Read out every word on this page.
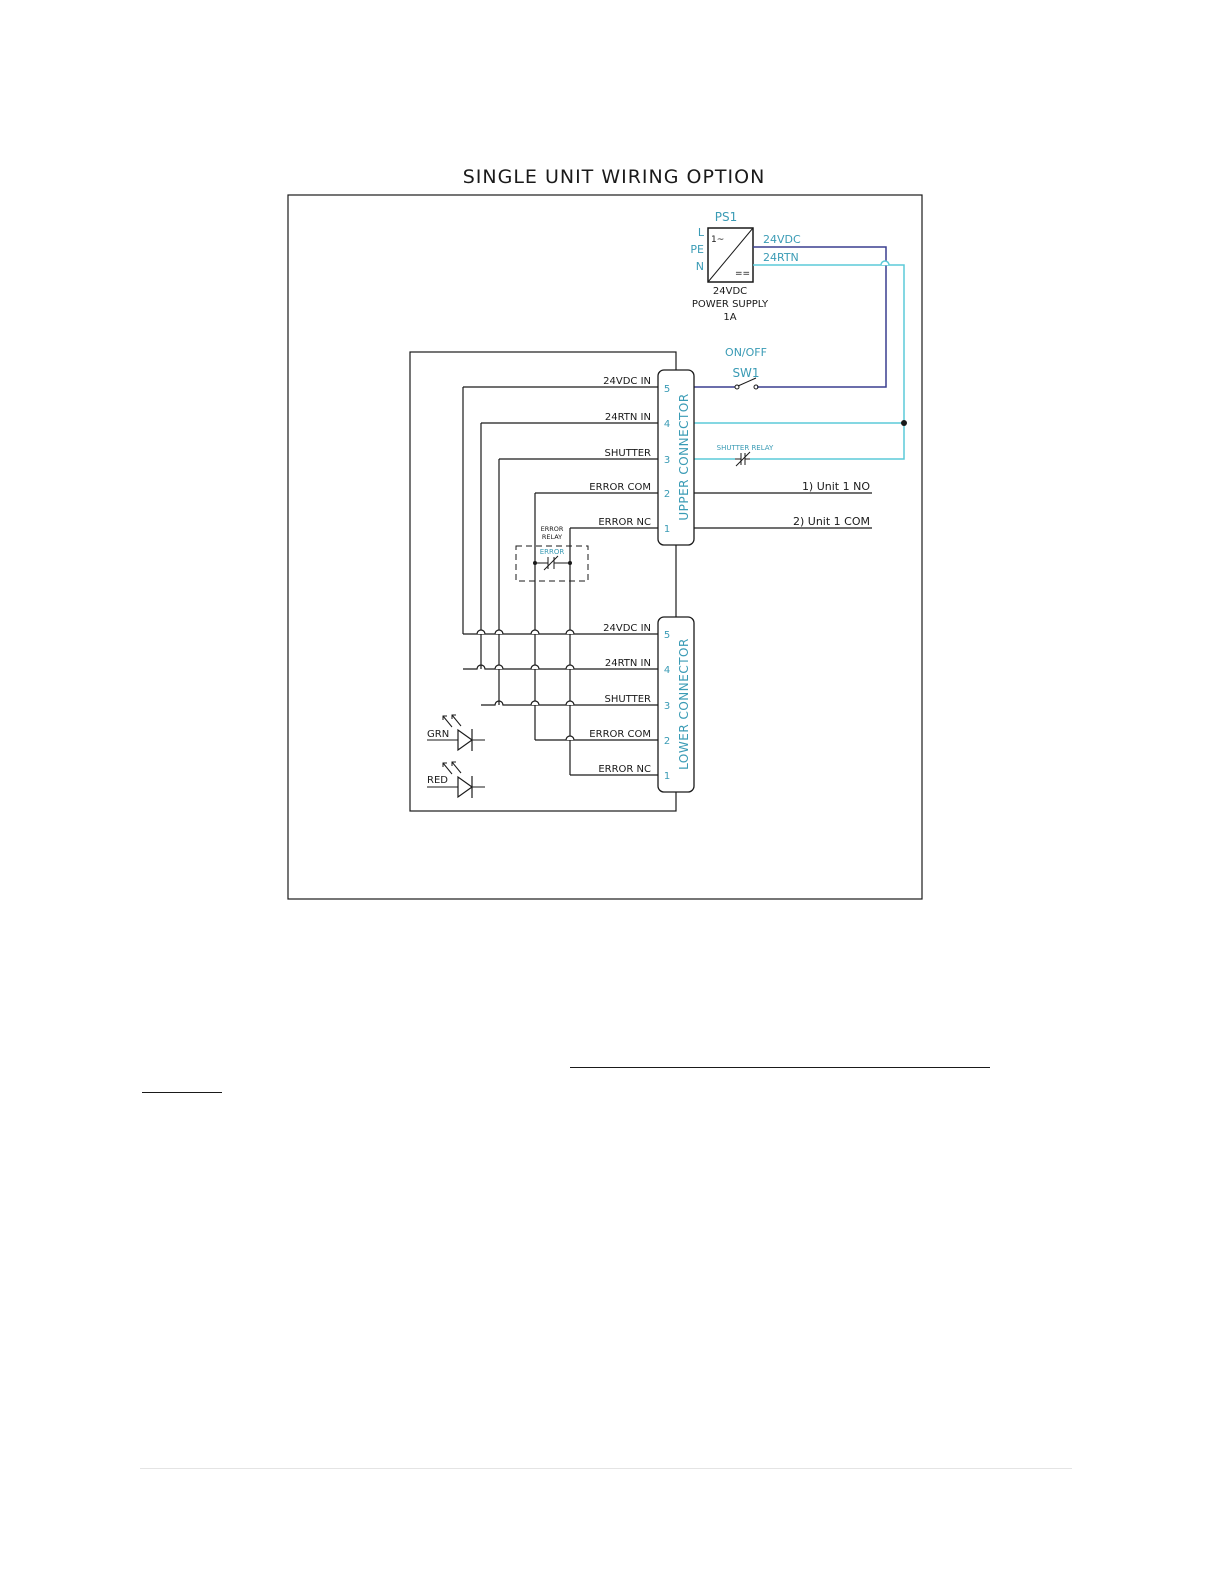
SINGLE UNIT WIRING OPTION
PS1
1~
==
L
PE
N
24VDC
POWER SUPPLY
1A
24VDC
24RTN
ON/OFF
SW1
SHUTTER RELAY
1) Unit 1 NO
2) Unit 1 COM
UPPER CONNECTOR
5
4
3
2
1
24VDC IN
24RTN IN
SHUTTER
ERROR COM
ERROR NC
ERROR
RELAY
ERROR
LOWER CONNECTOR
5
4
3
2
1
24VDC IN
24RTN IN
SHUTTER
ERROR COM
ERROR NC
GRN
RED
